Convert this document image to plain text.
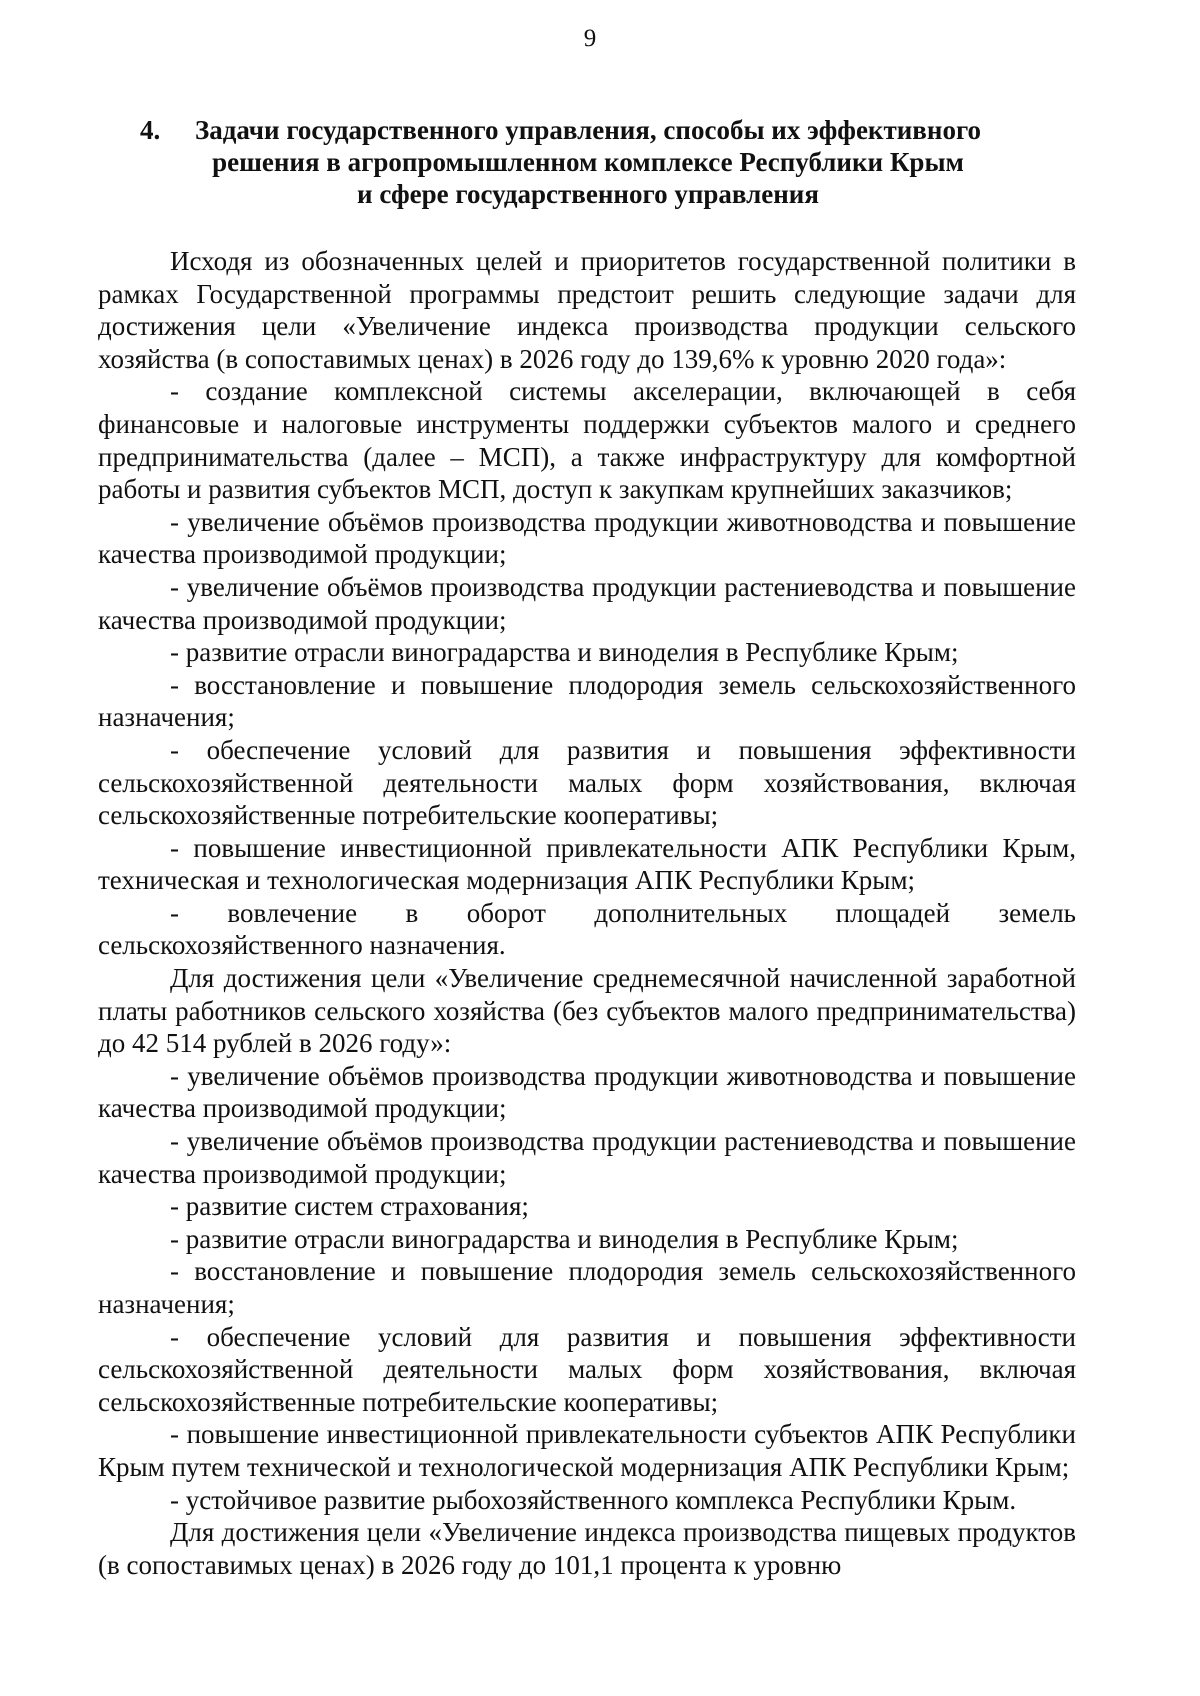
9
4.	Задачи государственного управления, способы их эффективного
решения в агропромышленном комплексе Республики Крым
и сфере государственного управления

Исходя из обозначенных целей и приоритетов государственной политики в рамках Государственной программы предстоит решить следующие задачи для достижения цели «Увеличение индекса производства продукции сельского хозяйства (в сопоставимых ценах) в 2026 году до 139,6% к уровню 2020 года»:

- создание комплексной системы акселерации, включающей в себя финансовые и налоговые инструменты поддержки субъектов малого и среднего предпринимательства (далее – МСП), а также инфраструктуру для комфортной работы и развития субъектов МСП, доступ к закупкам крупнейших заказчиков;

- увеличение объёмов производства продукции животноводства и повышение качества производимой продукции;

- увеличение объёмов производства продукции растениеводства и повышение качества производимой продукции;

- развитие отрасли виноградарства и виноделия в Республике Крым;

- восстановление и повышение плодородия земель сельскохозяйственного назначения;

- обеспечение условий для развития и повышения эффективности сельскохозяйственной деятельности малых форм хозяйствования, включая сельскохозяйственные потребительские кооперативы;

- повышение инвестиционной привлекательности АПК Республики Крым, техническая и технологическая модернизация АПК Республики Крым;

- вовлечение в оборот дополнительных площадей земель сельскохозяйственного назначения.

Для достижения цели «Увеличение среднемесячной начисленной заработной платы работников сельского хозяйства (без субъектов малого предпринимательства) до 42 514 рублей в 2026 году»:

- увеличение объёмов производства продукции животноводства и повышение качества производимой продукции;

- увеличение объёмов производства продукции растениеводства и повышение качества производимой продукции;

- развитие систем страхования;

- развитие отрасли виноградарства и виноделия в Республике Крым;

- восстановление и повышение плодородия земель сельскохозяйственного назначения;

- обеспечение условий для развития и повышения эффективности сельскохозяйственной деятельности малых форм хозяйствования, включая сельскохозяйственные потребительские кооперативы;

- повышение инвестиционной привлекательности субъектов АПК Республики Крым путем технической и технологической модернизация АПК Республики Крым;

- устойчивое развитие рыбохозяйственного комплекса Республики Крым.

Для достижения цели «Увеличение индекса производства пищевых продуктов (в сопоставимых ценах) в 2026 году до 101,1 процента к уровню
